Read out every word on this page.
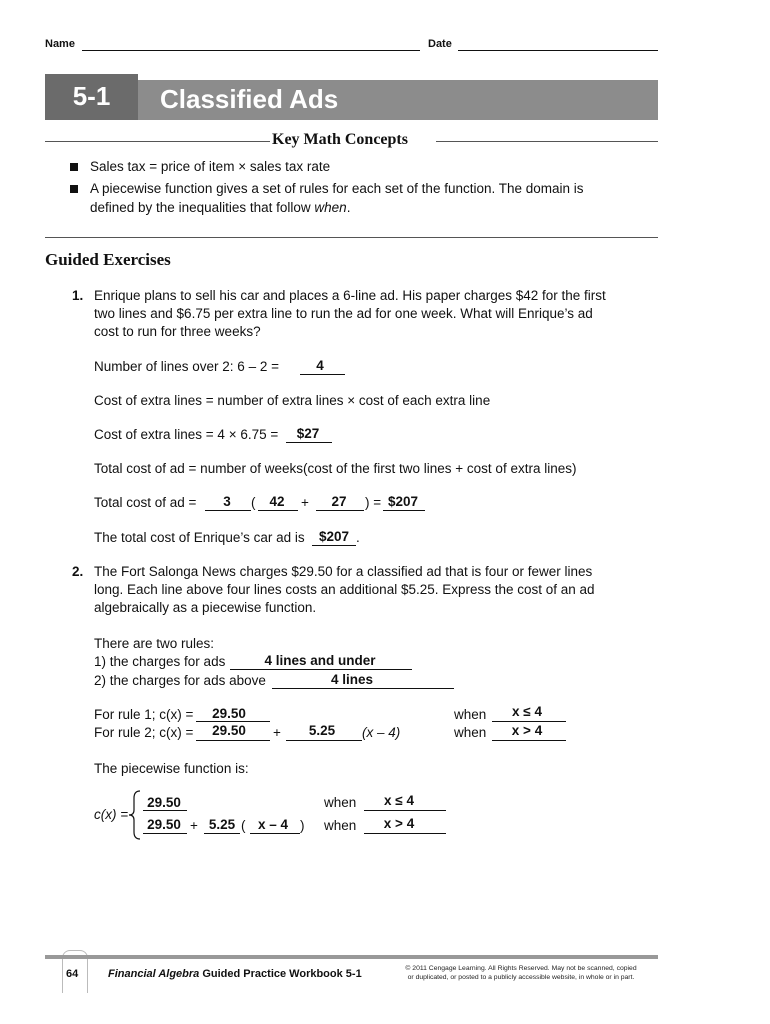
Name	Date
5-1	Classified Ads
Key Math Concepts
Sales tax = price of item × sales tax rate
A piecewise function gives a set of rules for each set of the function. The domain is
defined by the inequalities that follow when.
Guided Exercises
1. Enrique plans to sell his car and places a 6-line ad. His paper charges $42 for the first
two lines and $6.75 per extra line to run the ad for one week. What will Enrique’s ad
cost to run for three weeks?
Number of lines over 2: 6 – 2 =	4
Cost of extra lines = number of extra lines × cost of each extra line
Cost of extra lines = 4 × 6.75 =	$27
Total cost of ad = number of weeks(cost of the first two lines + cost of extra lines)
Total cost of ad =	3	(	42	+	27	) = $207
The total cost of Enrique’s car ad is	$207 .
2. The Fort Salonga News charges $29.50 for a classified ad that is four or fewer lines
long. Each line above four lines costs an additional $5.25. Express the cost of an ad
algebraically as a piecewise function.
There are two rules:
1) the charges for ads	4 lines and under
2) the charges for ads above	4 lines
For rule 1; c(x) =	29.50	when	x ≤ 4
For rule 2; c(x) =	29.50	+	5.25	(x – 4)	when	x > 4
The piecewise function is:
c(x) =
29.50	when	x ≤ 4
29.50 + 5.25 ( x – 4 ) when	x > 4
64	Financial Algebra Guided Practice Workbook 5-1	© 2011 Cengage Learning. All Rights Reserved. May not be scanned, copied
or duplicated, or posted to a publicly accessible website, in whole or in part.
